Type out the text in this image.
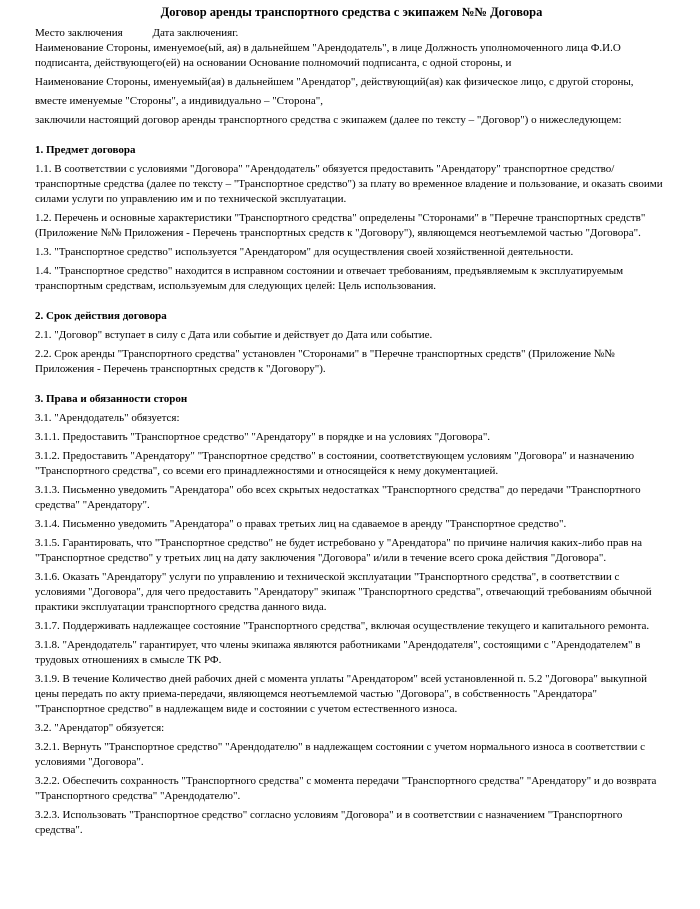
Договор аренды транспортного средства с экипажем №№ Договора

Место заключения	Дата заключенияг.

Наименование Стороны, именуемое(ый, ая) в дальнейшем "Арендодатель", в лице Должность уполномоченного лица Ф.И.О подписанта, действующего(ей) на основании Основание полномочий подписанта, с одной стороны, и

Наименование Стороны, именуемый(ая) в дальнейшем "Арендатор", действующий(ая) как физическое лицо, с другой стороны,

вместе именуемые "Стороны", а индивидуально – "Сторона",

заключили настоящий договор аренды транспортного средства с экипажем (далее по тексту – "Договор") о нижеследующем:

1. Предмет договора

1.1. В соответствии с условиями "Договора" "Арендодатель" обязуется предоставить "Арендатору" транспортное средство/транспортные средства (далее по тексту – "Транспортное средство") за плату во временное владение и пользование, и оказать своими силами услуги по управлению им и по технической эксплуатации.

1.2. Перечень и основные характеристики "Транспортного средства" определены "Сторонами" в "Перечне транспортных средств" (Приложение №№ Приложения - Перечень транспортных средств к "Договору"), являющемся неотъемлемой частью "Договора".

1.3. "Транспортное средство" используется "Арендатором" для осуществления своей хозяйственной деятельности.

1.4. "Транспортное средство" находится в исправном состоянии и отвечает требованиям, предъявляемым к эксплуатируемым транспортным средствам, используемым для следующих целей: Цель использования.

2. Срок действия договора

2.1. "Договор" вступает в силу с Дата или событие и действует до Дата или событие.

2.2. Срок аренды "Транспортного средства" установлен "Сторонами" в "Перечне транспортных средств" (Приложение №№ Приложения - Перечень транспортных средств к "Договору").

3. Права и обязанности сторон

3.1. "Арендодатель" обязуется:

3.1.1. Предоставить "Транспортное средство" "Арендатору" в порядке и на условиях "Договора".

3.1.2. Предоставить "Арендатору" "Транспортное средство" в состоянии, соответствующем условиям "Договора" и назначению "Транспортного средства", со всеми его принадлежностями и относящейся к нему документацией.

3.1.3. Письменно уведомить "Арендатора" обо всех скрытых недостатках "Транспортного средства" до передачи "Транспортного средства" "Арендатору".

3.1.4. Письменно уведомить "Арендатора" о правах третьих лиц на сдаваемое в аренду "Транспортное средство".

3.1.5. Гарантировать, что "Транспортное средство" не будет истребовано у "Арендатора" по причине наличия каких-либо прав на "Транспортное средство" у третьих лиц на дату заключения "Договора" и/или в течение всего срока действия "Договора".

3.1.6. Оказать "Арендатору" услуги по управлению и технической эксплуатации "Транспортного средства", в соответствии с условиями "Договора", для чего предоставить "Арендатору" экипаж "Транспортного средства", отвечающий требованиям обычной практики эксплуатации транспортного средства данного вида.

3.1.7. Поддерживать надлежащее состояние "Транспортного средства", включая осуществление текущего и капитального ремонта.

3.1.8. "Арендодатель" гарантирует, что члены экипажа являются работниками "Арендодателя", состоящими с "Арендодателем" в трудовых отношениях в смысле ТК РФ.

3.1.9. В течение Количество дней рабочих дней с момента уплаты "Арендатором" всей установленной п. 5.2 "Договора" выкупной цены передать по акту приема-передачи, являющемся неотъемлемой частью "Договора", в собственность "Арендатора" "Транспортное средство" в надлежащем виде и состоянии с учетом естественного износа.

3.2. "Арендатор" обязуется:

3.2.1. Вернуть "Транспортное средство" "Арендодателю" в надлежащем состоянии с учетом нормального износа в соответствии с условиями "Договора".

3.2.2. Обеспечить сохранность "Транспортного средства" с момента передачи "Транспортного средства" "Арендатору" и до возврата "Транспортного средства" "Арендодателю".

3.2.3. Использовать "Транспортное средство" согласно условиям "Договора" и в соответствии с назначением "Транспортного средства".
